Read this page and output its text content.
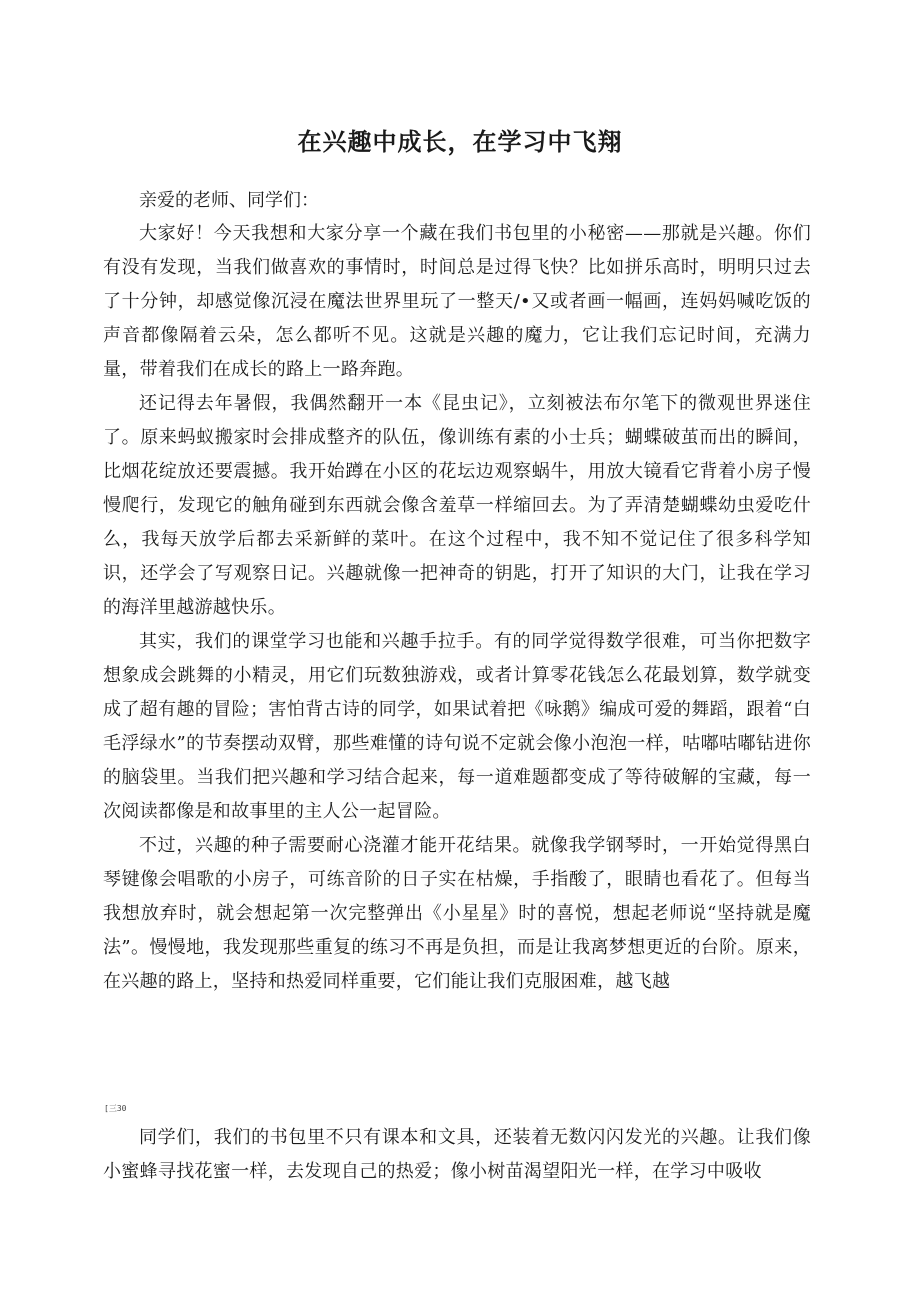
在兴趣中成长，在学习中飞翔
亲爱的老师、同学们：

大家好！今天我想和大家分享一个藏在我们书包里的小秘密——那就是兴趣。你们有没有发现，当我们做喜欢的事情时，时间总是过得飞快？比如拼乐高时，明明只过去了十分钟，却感觉像沉浸在魔法世界里玩了一整天/•又或者画一幅画，连妈妈喊吃饭的声音都像隔着云朵，怎么都听不见。这就是兴趣的魔力，它让我们忘记时间，充满力量，带着我们在成长的路上一路奔跑。

还记得去年暑假，我偶然翻开一本《昆虫记》，立刻被法布尔笔下的微观世界迷住了。原来蚂蚁搬家时会排成整齐的队伍，像训练有素的小士兵；蝴蝶破茧而出的瞬间，比烟花绽放还要震撼。我开始蹲在小区的花坛边观察蜗牛，用放大镜看它背着小房子慢慢爬行，发现它的触角碰到东西就会像含羞草一样缩回去。为了弄清楚蝴蝶幼虫爱吃什么，我每天放学后都去采新鲜的菜叶。在这个过程中，我不知不觉记住了很多科学知识，还学会了写观察日记。兴趣就像一把神奇的钥匙，打开了知识的大门，让我在学习的海洋里越游越快乐。

其实，我们的课堂学习也能和兴趣手拉手。有的同学觉得数学很难，可当你把数字想象成会跳舞的小精灵，用它们玩数独游戏，或者计算零花钱怎么花最划算，数学就变成了超有趣的冒险；害怕背古诗的同学，如果试着把《咏鹅》编成可爱的舞蹈，跟着“白毛浮绿水”的节奏摆动双臂，那些难懂的诗句说不定就会像小泡泡一样，咕嘟咕嘟钻进你的脑袋里。当我们把兴趣和学习结合起来，每一道难题都变成了等待破解的宝藏，每一次阅读都像是和故事里的主人公一起冒险。

不过，兴趣的种子需要耐心浇灌才能开花结果。就像我学钢琴时，一开始觉得黑白琴键像会唱歌的小房子，可练音阶的日子实在枯燥，手指酸了，眼睛也看花了。但每当我想放弃时，就会想起第一次完整弹出《小星星》时的喜悦，想起老师说“坚持就是魔法”。慢慢地，我发现那些重复的练习不再是负担，而是让我离梦想更近的台阶。原来，在兴趣的路上，坚持和热爱同样重要，它们能让我们克服困难，越飞越

[三30

同学们，我们的书包里不只有课本和文具，还装着无数闪闪发光的兴趣。让我们像小蜜蜂寻找花蜜一样，去发现自己的热爱；像小树苗渴望阳光一样，在学习中吸收
